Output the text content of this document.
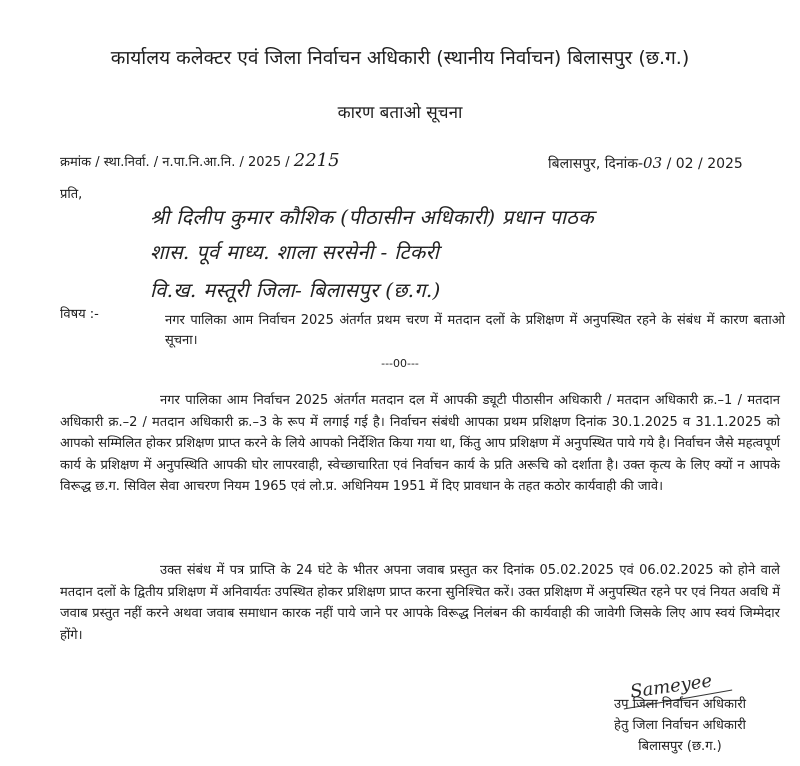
कार्यालय कलेक्टर एवं जिला निर्वाचन अधिकारी (स्थानीय निर्वाचन) बिलासपुर (छ.ग.)
कारण बताओ सूचना
क्रमांक / स्था.निर्वा. / न.पा.नि.आ.नि. / 2025 / 2215	बिलासपुर, दिनांक-03 / 02 / 2025
प्रति,
श्री दिलीप कुमार कौशिक (पीठासीन अधिकारी) प्रधान पाठक
शास. पूर्व माध्य. शाला सरसेनी - टिकरी
वि.ख. मस्तूरी जिला- बिलासपुर (छ.ग.)
विषय :-	नगर पालिका आम निर्वाचन 2025 अंतर्गत प्रथम चरण में मतदान दलों के प्रशिक्षण में अनुपस्थित रहने के संबंध में कारण बताओ सूचना।
---00---
नगर पालिका आम निर्वाचन 2025 अंतर्गत मतदान दल में आपकी ड्यूटी पीठासीन अधिकारी / मतदान अधिकारी क्र.–1 / मतदान अधिकारी क्र.–2 / मतदान अधिकारी क्र.–3 के रूप में लगाई गई है। निर्वाचन संबंधी आपका प्रथम प्रशिक्षण दिनांक 30.1.2025 व 31.1.2025 को आपको सम्मिलित होकर प्रशिक्षण प्राप्त करने के लिये आपको निर्देशित किया गया था, किंतु आप प्रशिक्षण में अनुपस्थित पाये गये है। निर्वाचन जैसे महत्वपूर्ण कार्य के प्रशिक्षण में अनुपस्थिति आपकी घोर लापरवाही, स्वेच्छाचारिता एवं निर्वाचन कार्य के प्रति अरूचि को दर्शाता है। उक्त कृत्य के लिए क्यों न आपके विरूद्ध छ.ग. सिविल सेवा आचरण नियम 1965 एवं लो.प्र. अधिनियम 1951 में दिए प्रावधान के तहत कठोर कार्यवाही की जावे।
उक्त संबंध में पत्र प्राप्ति के 24 घंटे के भीतर अपना जवाब प्रस्तुत कर दिनांक 05.02.2025 एवं 06.02.2025 को होने वाले मतदान दलों के द्वितीय प्रशिक्षण में अनिवार्यतः उपस्थित होकर प्रशिक्षण प्राप्त करना सुनिश्चित करें। उक्त प्रशिक्षण में अनुपस्थित रहने पर एवं नियत अवधि में जवाब प्रस्तुत नहीं करने अथवा जवाब समाधान कारक नहीं पाये जाने पर आपके विरूद्ध निलंबन की कार्यवाही की जावेगी जिसके लिए आप स्वयं जिम्मेदार होंगे।
Sameyee
उप जिला निर्वाचन अधिकारी
हेतु जिला निर्वाचन अधिकारी
बिलासपुर (छ.ग.)
